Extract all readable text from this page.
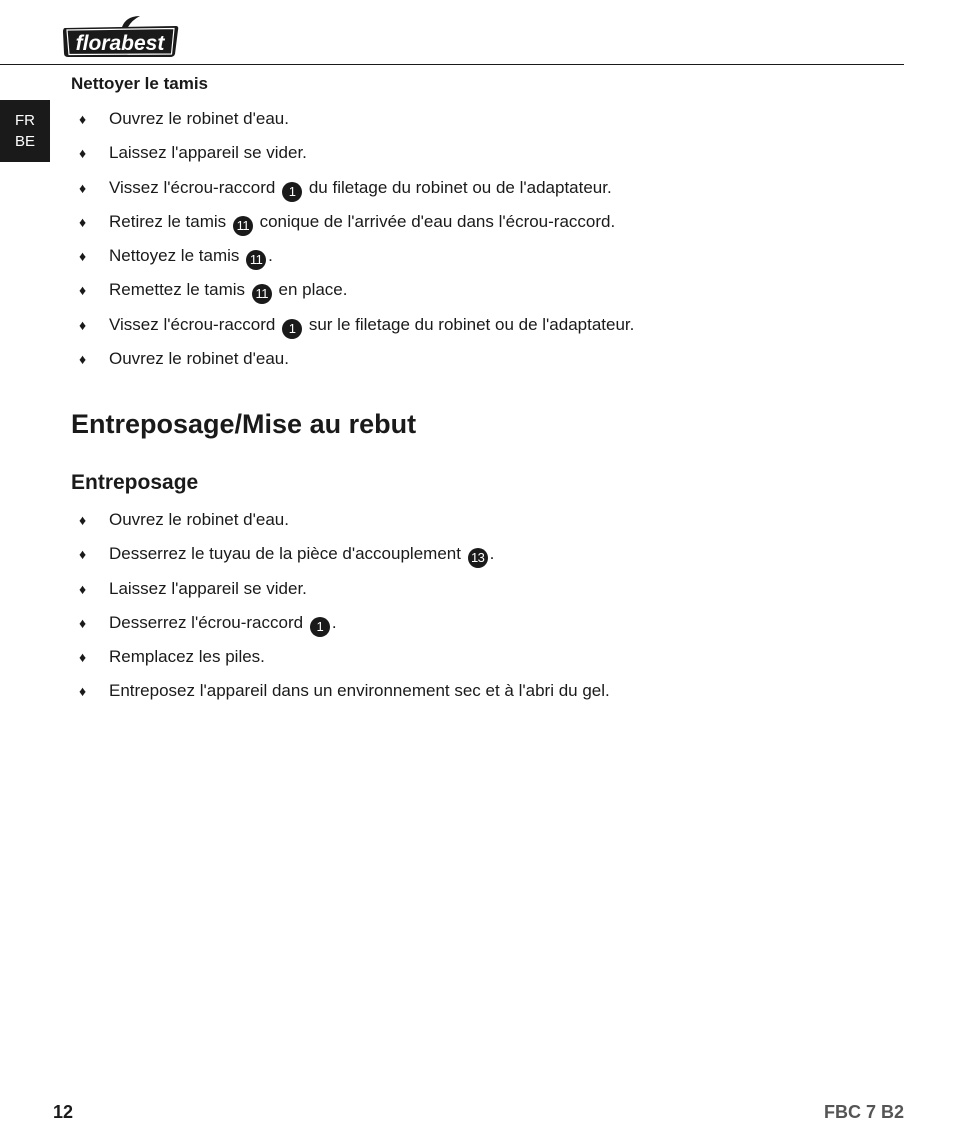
florabest
FR
BE
Nettoyer le tamis
♦ Ouvrez le robinet d'eau.
♦ Laissez l'appareil se vider.
♦ Vissez l'écrou-raccord 1 du filetage du robinet ou de l'adaptateur.
♦ Retirez le tamis 11 conique de l'arrivée d'eau dans l'écrou-raccord.
♦ Nettoyez le tamis 11 .
♦ Remettez le tamis 11 en place.
♦ Vissez l'écrou-raccord 1 sur le filetage du robinet ou de l'adaptateur.
♦ Ouvrez le robinet d'eau.
Entreposage/Mise au rebut
Entreposage
♦ Ouvrez le robinet d'eau.
♦ Desserrez le tuyau de la pièce d'accouplement 13 .
♦ Laissez l'appareil se vider.
♦ Desserrez l'écrou-raccord 1 .
♦ Remplacez les piles.
♦ Entreposez l'appareil dans un environnement sec et à l'abri du gel.
12	FBC 7 B2
